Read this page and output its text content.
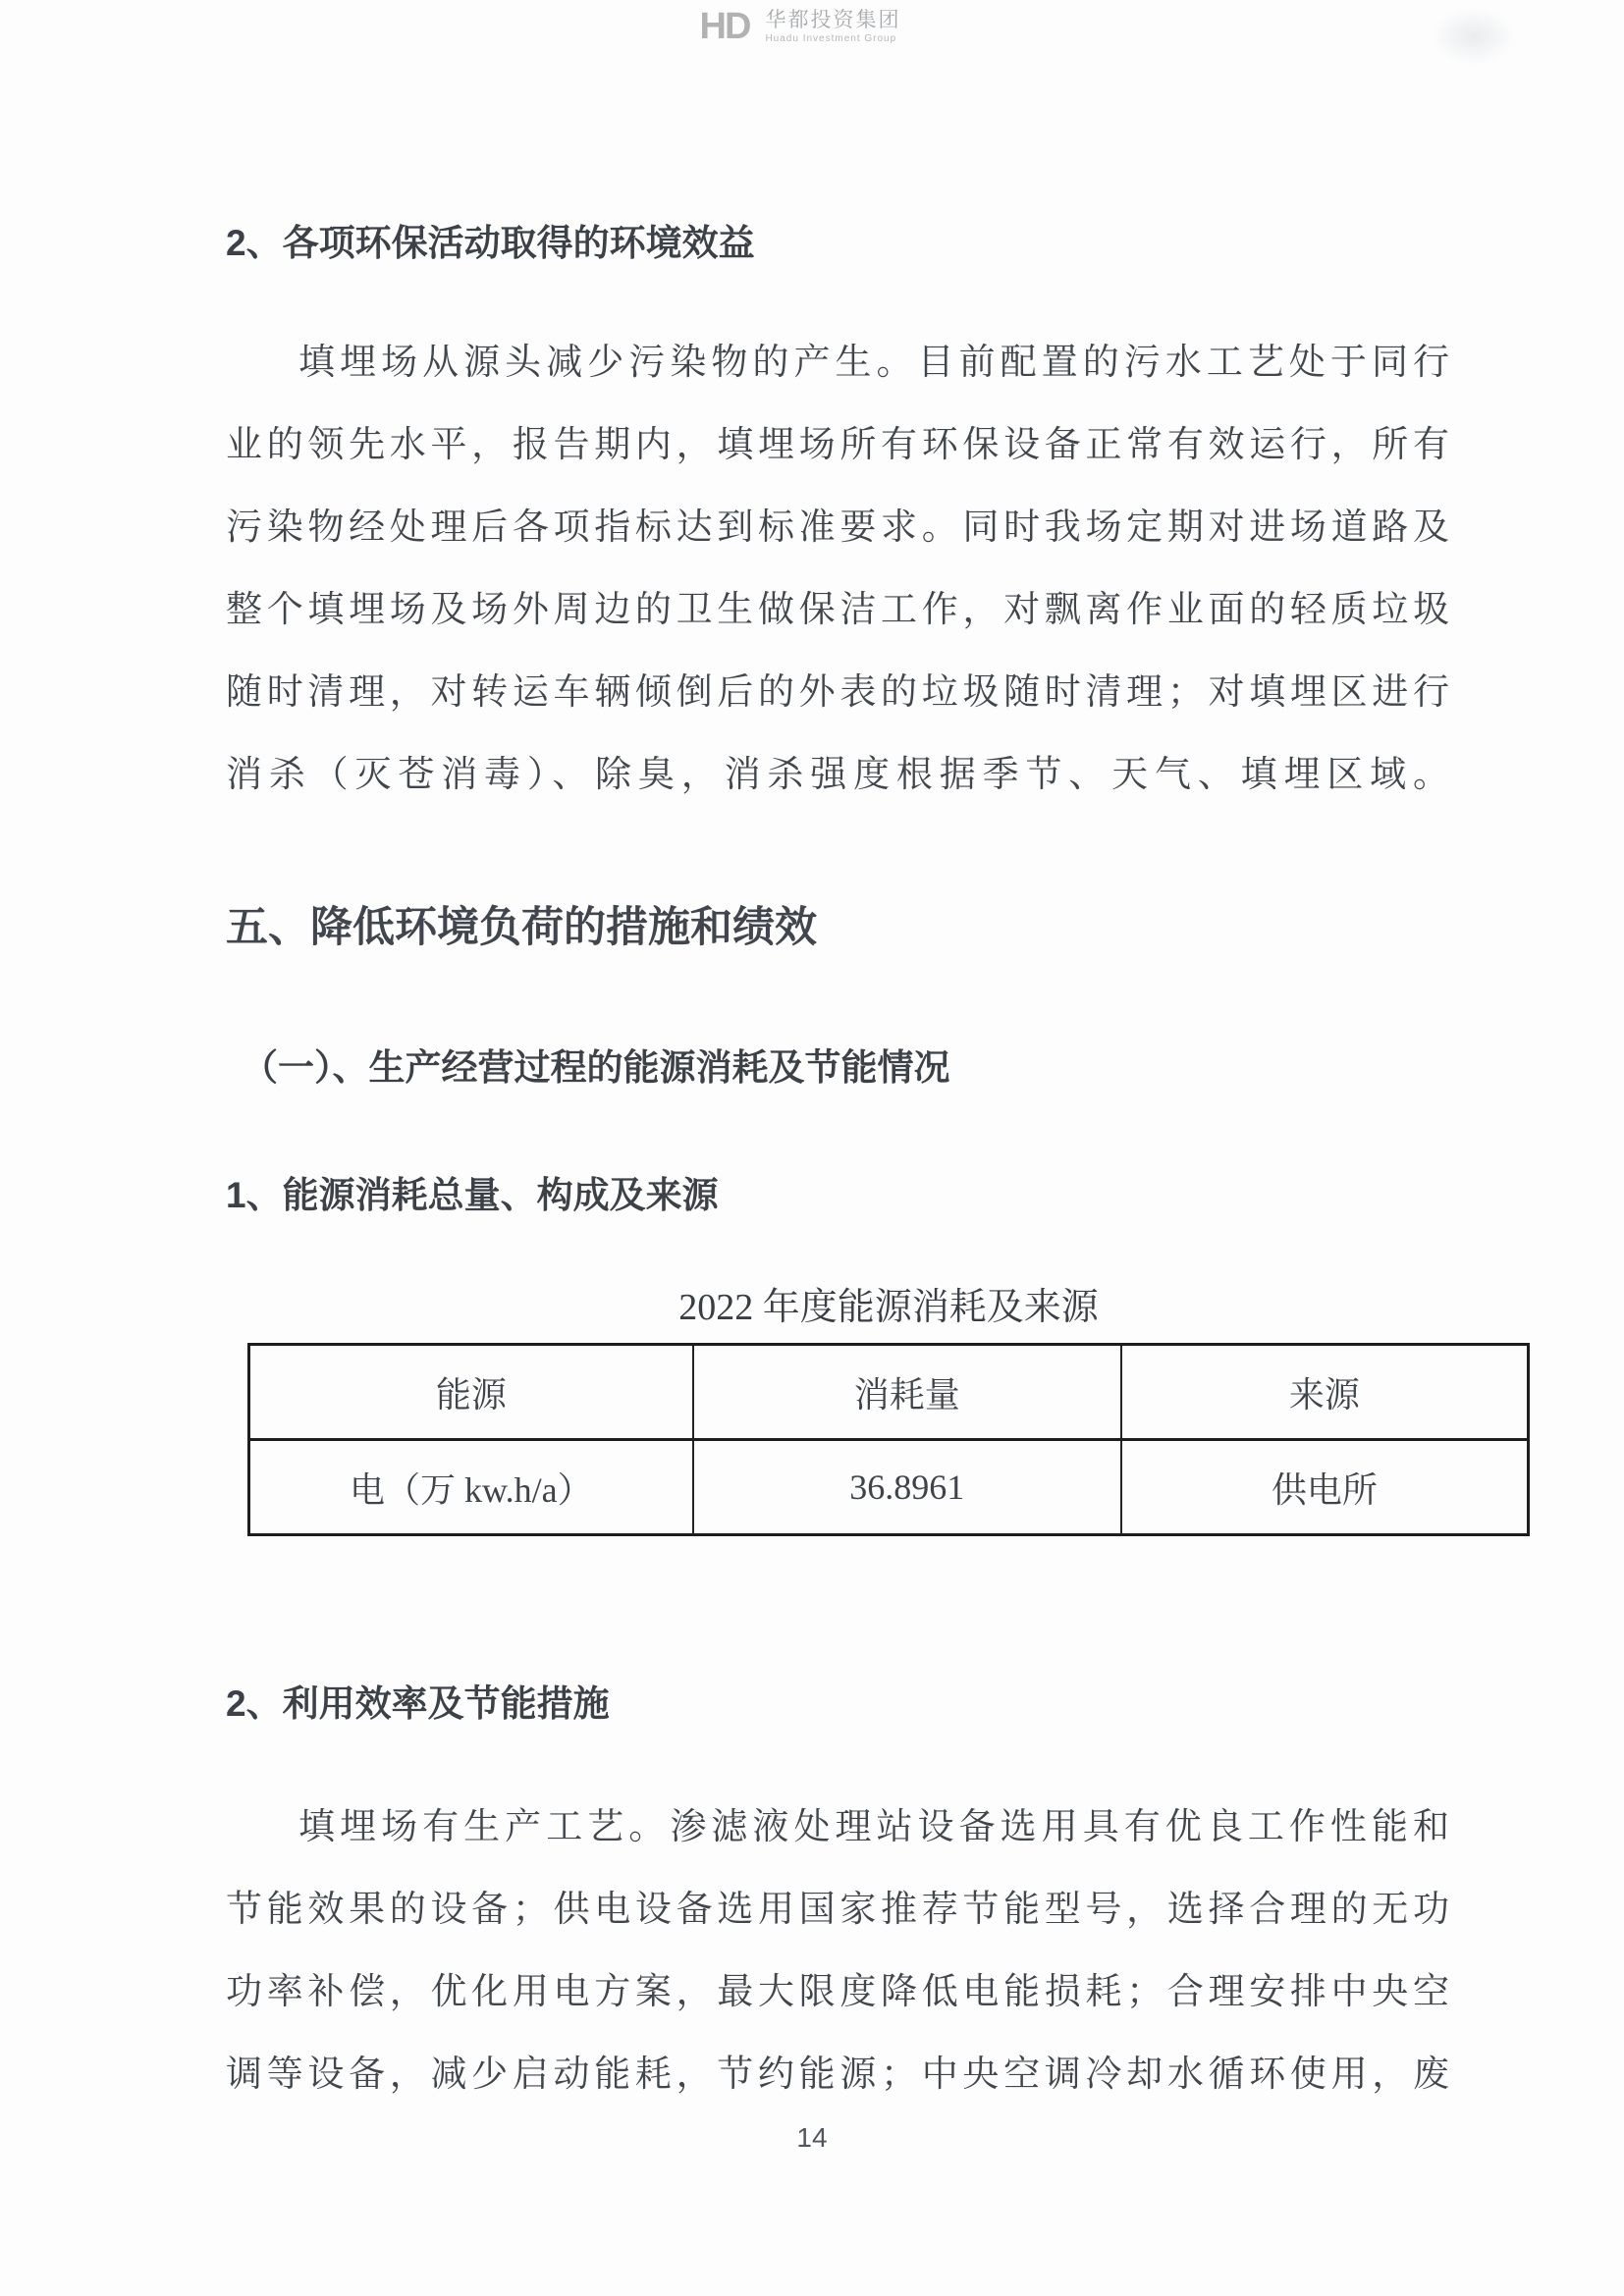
HD 华都投资集团
Huadu Investment Group
2、各项环保活动取得的环境效益
填埋场从源头减少污染物的产生。目前配置的污水工艺处于同行
业的领先水平，报告期内，填埋场所有环保设备正常有效运行，所有
污染物经处理后各项指标达到标准要求。同时我场定期对进场道路及
整个填埋场及场外周边的卫生做保洁工作，对飘离作业面的轻质垃圾
随时清理，对转运车辆倾倒后的外表的垃圾随时清理；对填埋区进行
消杀（灭苍消毒）、除臭，消杀强度根据季节、天气、填埋区域。
五、降低环境负荷的措施和绩效
（一）、生产经营过程的能源消耗及节能情况
1、能源消耗总量、构成及来源
2022 年度能源消耗及来源
能源	消耗量	来源
电（万 kw.h/a）	36.8961	供电所
2、利用效率及节能措施
填埋场有生产工艺。渗滤液处理站设备选用具有优良工作性能和
节能效果的设备；供电设备选用国家推荐节能型号，选择合理的无功
功率补偿，优化用电方案，最大限度降低电能损耗；合理安排中央空
调等设备，减少启动能耗，节约能源；中央空调冷却水循环使用，废
14
